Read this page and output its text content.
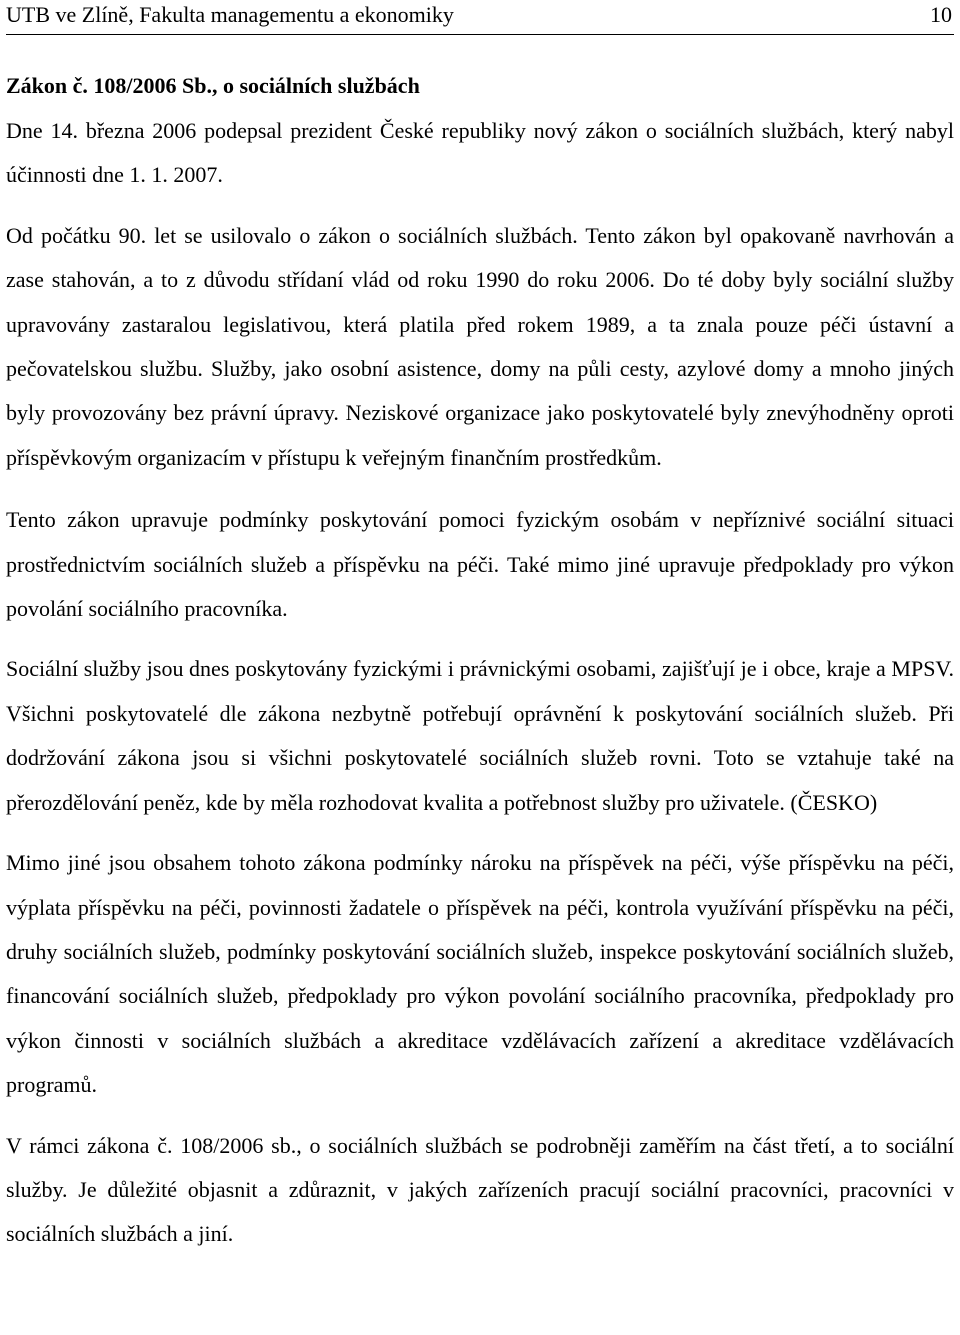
UTB ve Zlíně, Fakulta managementu a ekonomiky	10
Zákon č. 108/2006 Sb., o sociálních službách

Dne 14. března 2006 podepsal prezident České republiky nový zákon o sociálních službách, který nabyl účinnosti dne 1. 1. 2007.

Od počátku 90. let se usilovalo o zákon o sociálních službách. Tento zákon byl opakovaně navrhován a zase stahován, a to z důvodu střídaní vlád od roku 1990 do roku 2006. Do té doby byly sociální služby upravovány zastaralou legislativou, která platila před rokem 1989, a ta znala pouze péči ústavní a pečovatelskou službu. Služby, jako osobní asistence, domy na půli cesty, azylové domy a mnoho jiných byly provozovány bez právní úpravy. Neziskové organizace jako poskytovatelé byly znevýhodněny oproti příspěvkovým organizacím v přístupu k veřejným finančním prostředkům.

Tento zákon upravuje podmínky poskytování pomoci fyzickým osobám v nepříznivé sociální situaci prostřednictvím sociálních služeb a příspěvku na péči. Také mimo jiné upravuje předpoklady pro výkon povolání sociálního pracovníka.

Sociální služby jsou dnes poskytovány fyzickými i právnickými osobami, zajišťují je i obce, kraje a MPSV. Všichni poskytovatelé dle zákona nezbytně potřebují oprávnění k poskytování sociálních služeb. Při dodržování zákona jsou si všichni poskytovatelé sociálních služeb rovni. Toto se vztahuje také na přerozdělování peněz, kde by měla rozhodovat kvalita a potřebnost služby pro uživatele. (ČESKO)

Mimo jiné jsou obsahem tohoto zákona podmínky nároku na příspěvek na péči, výše příspěvku na péči, výplata příspěvku na péči, povinnosti žadatele o příspěvek na péči, kontrola využívání příspěvku na péči, druhy sociálních služeb, podmínky poskytování sociálních služeb, inspekce poskytování sociálních služeb, financování sociálních služeb, předpoklady pro výkon povolání sociálního pracovníka, předpoklady pro výkon činnosti v sociálních službách a akreditace vzdělávacích zařízení a akreditace vzdělávacích programů.

V rámci zákona č. 108/2006 sb., o sociálních službách se podrobněji zaměřím na část třetí, a to sociální služby. Je důležité objasnit a zdůraznit, v jakých zařízeních pracují sociální pracovníci, pracovníci v sociálních službách a jiní.
